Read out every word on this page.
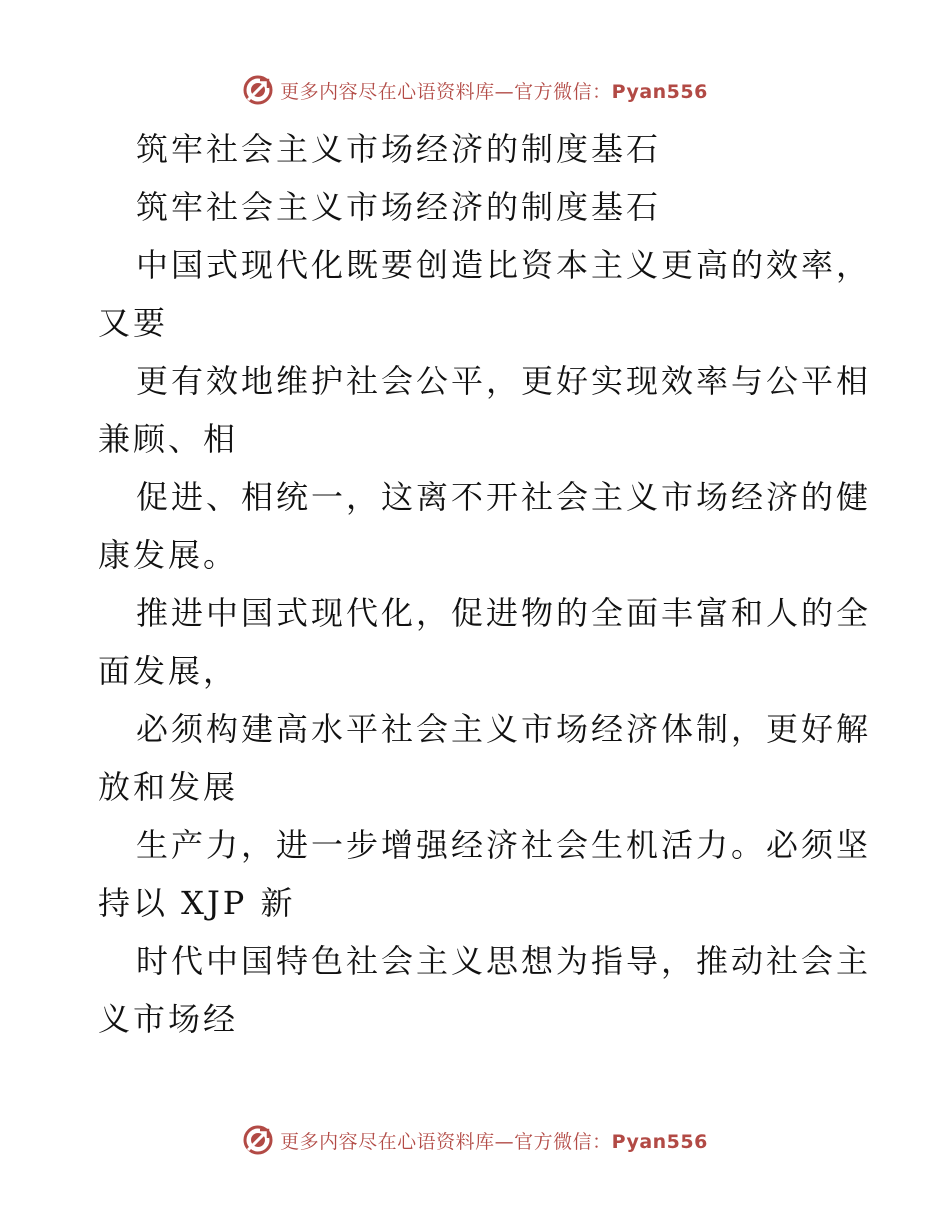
更多内容尽在心语资料库—官方微信：Pyan556

筑牢社会主义市场经济的制度基石

筑牢社会主义市场经济的制度基石

中国式现代化既要创造比资本主义更高的效率，

又要

更有效地维护社会公平，更好实现效率与公平相

兼顾、相

促进、相统一，这离不开社会主义市场经济的健

康发展。

推进中国式现代化，促进物的全面丰富和人的全

面发展，

必须构建高水平社会主义市场经济体制，更好解

放和发展

生产力，进一步增强经济社会生机活力。必须坚

持以 XJP 新

时代中国特色社会主义思想为指导，推动社会主

义市场经

更多内容尽在心语资料库—官方微信：Pyan556
